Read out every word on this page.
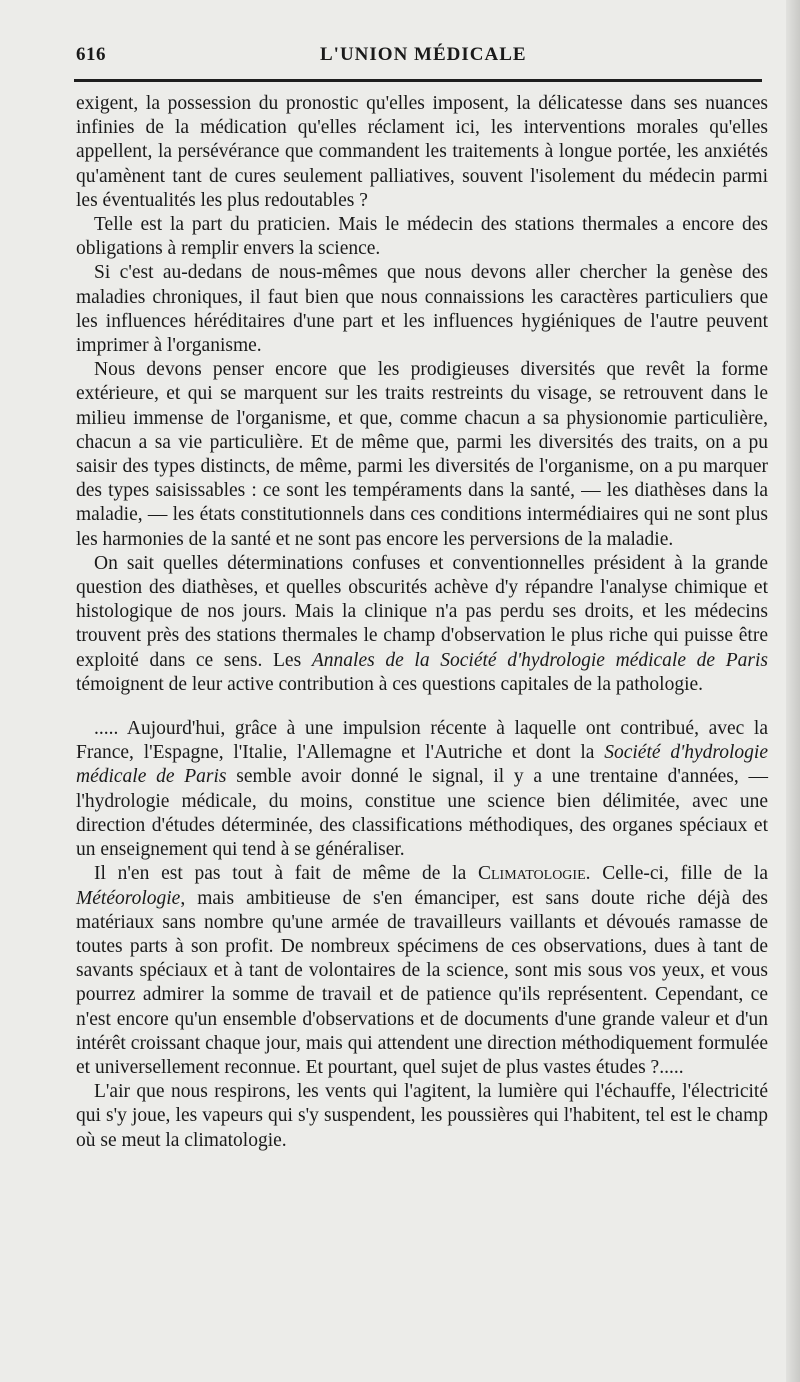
616	L'UNION MÉDICALE

exigent, la possession du pronostic qu'elles imposent, la délicatesse dans ses nuances infinies de la médication qu'elles réclament ici, les interventions morales qu'elles appellent, la persévérance que commandent les traitements à longue portée, les anxiétés qu'amènent tant de cures seulement palliatives, souvent l'isolement du médecin parmi les éventualités les plus redoutables ?

Telle est la part du praticien. Mais le médecin des stations thermales a encore des obligations à remplir envers la science.

Si c'est au-dedans de nous-mêmes que nous devons aller chercher la genèse des maladies chroniques, il faut bien que nous connaissions les caractères particuliers que les influences héréditaires d'une part et les influences hygiéniques de l'autre peuvent imprimer à l'organisme.

Nous devons penser encore que les prodigieuses diversités que revêt la forme extérieure, et qui se marquent sur les traits restreints du visage, se retrouvent dans le milieu immense de l'organisme, et que, comme chacun a sa physionomie particulière, chacun a sa vie particulière. Et de même que, parmi les diversités des traits, on a pu saisir des types distincts, de même, parmi les diversités de l'organisme, on a pu marquer des types saisissables : ce sont les tempéraments dans la santé, — les diathèses dans la maladie, — les états constitutionnels dans ces conditions intermédiaires qui ne sont plus les harmonies de la santé et ne sont pas encore les perversions de la maladie.

On sait quelles déterminations confuses et conventionnelles président à la grande question des diathèses, et quelles obscurités achève d'y répandre l'analyse chimique et histologique de nos jours. Mais la clinique n'a pas perdu ses droits, et les médecins trouvent près des stations thermales le champ d'observation le plus riche qui puisse être exploité dans ce sens. Les Annales de la Société d'hydrologie médicale de Paris témoignent de leur active contribution à ces questions capitales de la pathologie.

..... Aujourd'hui, grâce à une impulsion récente à laquelle ont contribué, avec la France, l'Espagne, l'Italie, l'Allemagne et l'Autriche et dont la Société d'hydrologie médicale de Paris semble avoir donné le signal, il y a une trentaine d'années, — l'hydrologie médicale, du moins, constitue une science bien délimitée, avec une direction d'études déterminée, des classifications méthodiques, des organes spéciaux et un enseignement qui tend à se généraliser.

Il n'en est pas tout à fait de même de la Climatologie. Celle-ci, fille de la Météorologie, mais ambitieuse de s'en émanciper, est sans doute riche déjà des matériaux sans nombre qu'une armée de travailleurs vaillants et dévoués ramasse de toutes parts à son profit. De nombreux spécimens de ces observations, dues à tant de savants spéciaux et à tant de volontaires de la science, sont mis sous vos yeux, et vous pourrez admirer la somme de travail et de patience qu'ils représentent. Cependant, ce n'est encore qu'un ensemble d'observations et de documents d'une grande valeur et d'un intérêt croissant chaque jour, mais qui attendent une direction méthodiquement formulée et universellement reconnue. Et pourtant, quel sujet de plus vastes études ?.....

L'air que nous respirons, les vents qui l'agitent, la lumière qui l'échauffe, l'électricité qui s'y joue, les vapeurs qui s'y suspendent, les poussières qui l'habitent, tel est le champ où se meut la climatologie.
